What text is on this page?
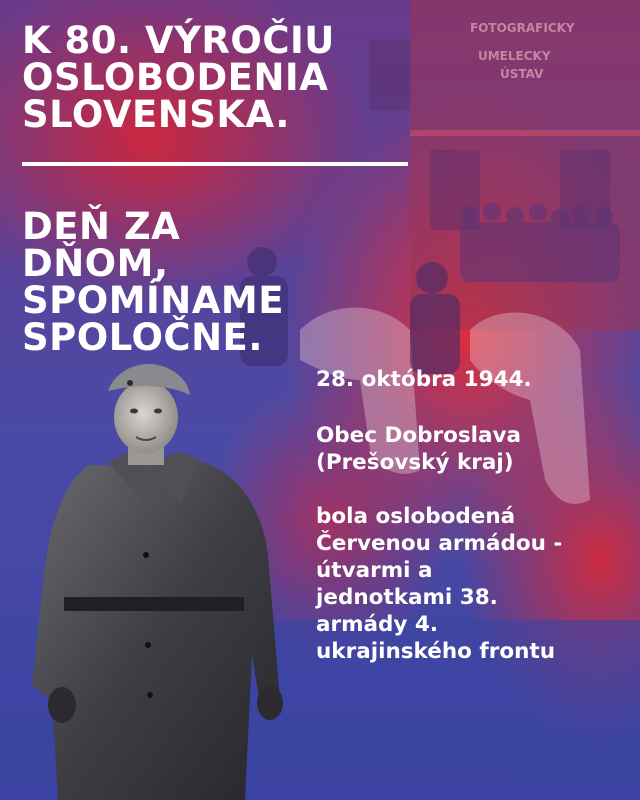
FOTOGRAFICKY
UMELECKY
ÚSTAV
K 80. VÝROČIU
OSLOBODENIA
SLOVENSKA.
DEŇ ZA
DŇOM,
SPOMÍNAME
SPOLOČNE.

28. októbra 1944.

Obec Dobroslava
(Prešovský kraj)

bola oslobodená
Červenou armádou -
útvarmi a
jednotkami 38.
armády 4.
ukrajinského frontu
